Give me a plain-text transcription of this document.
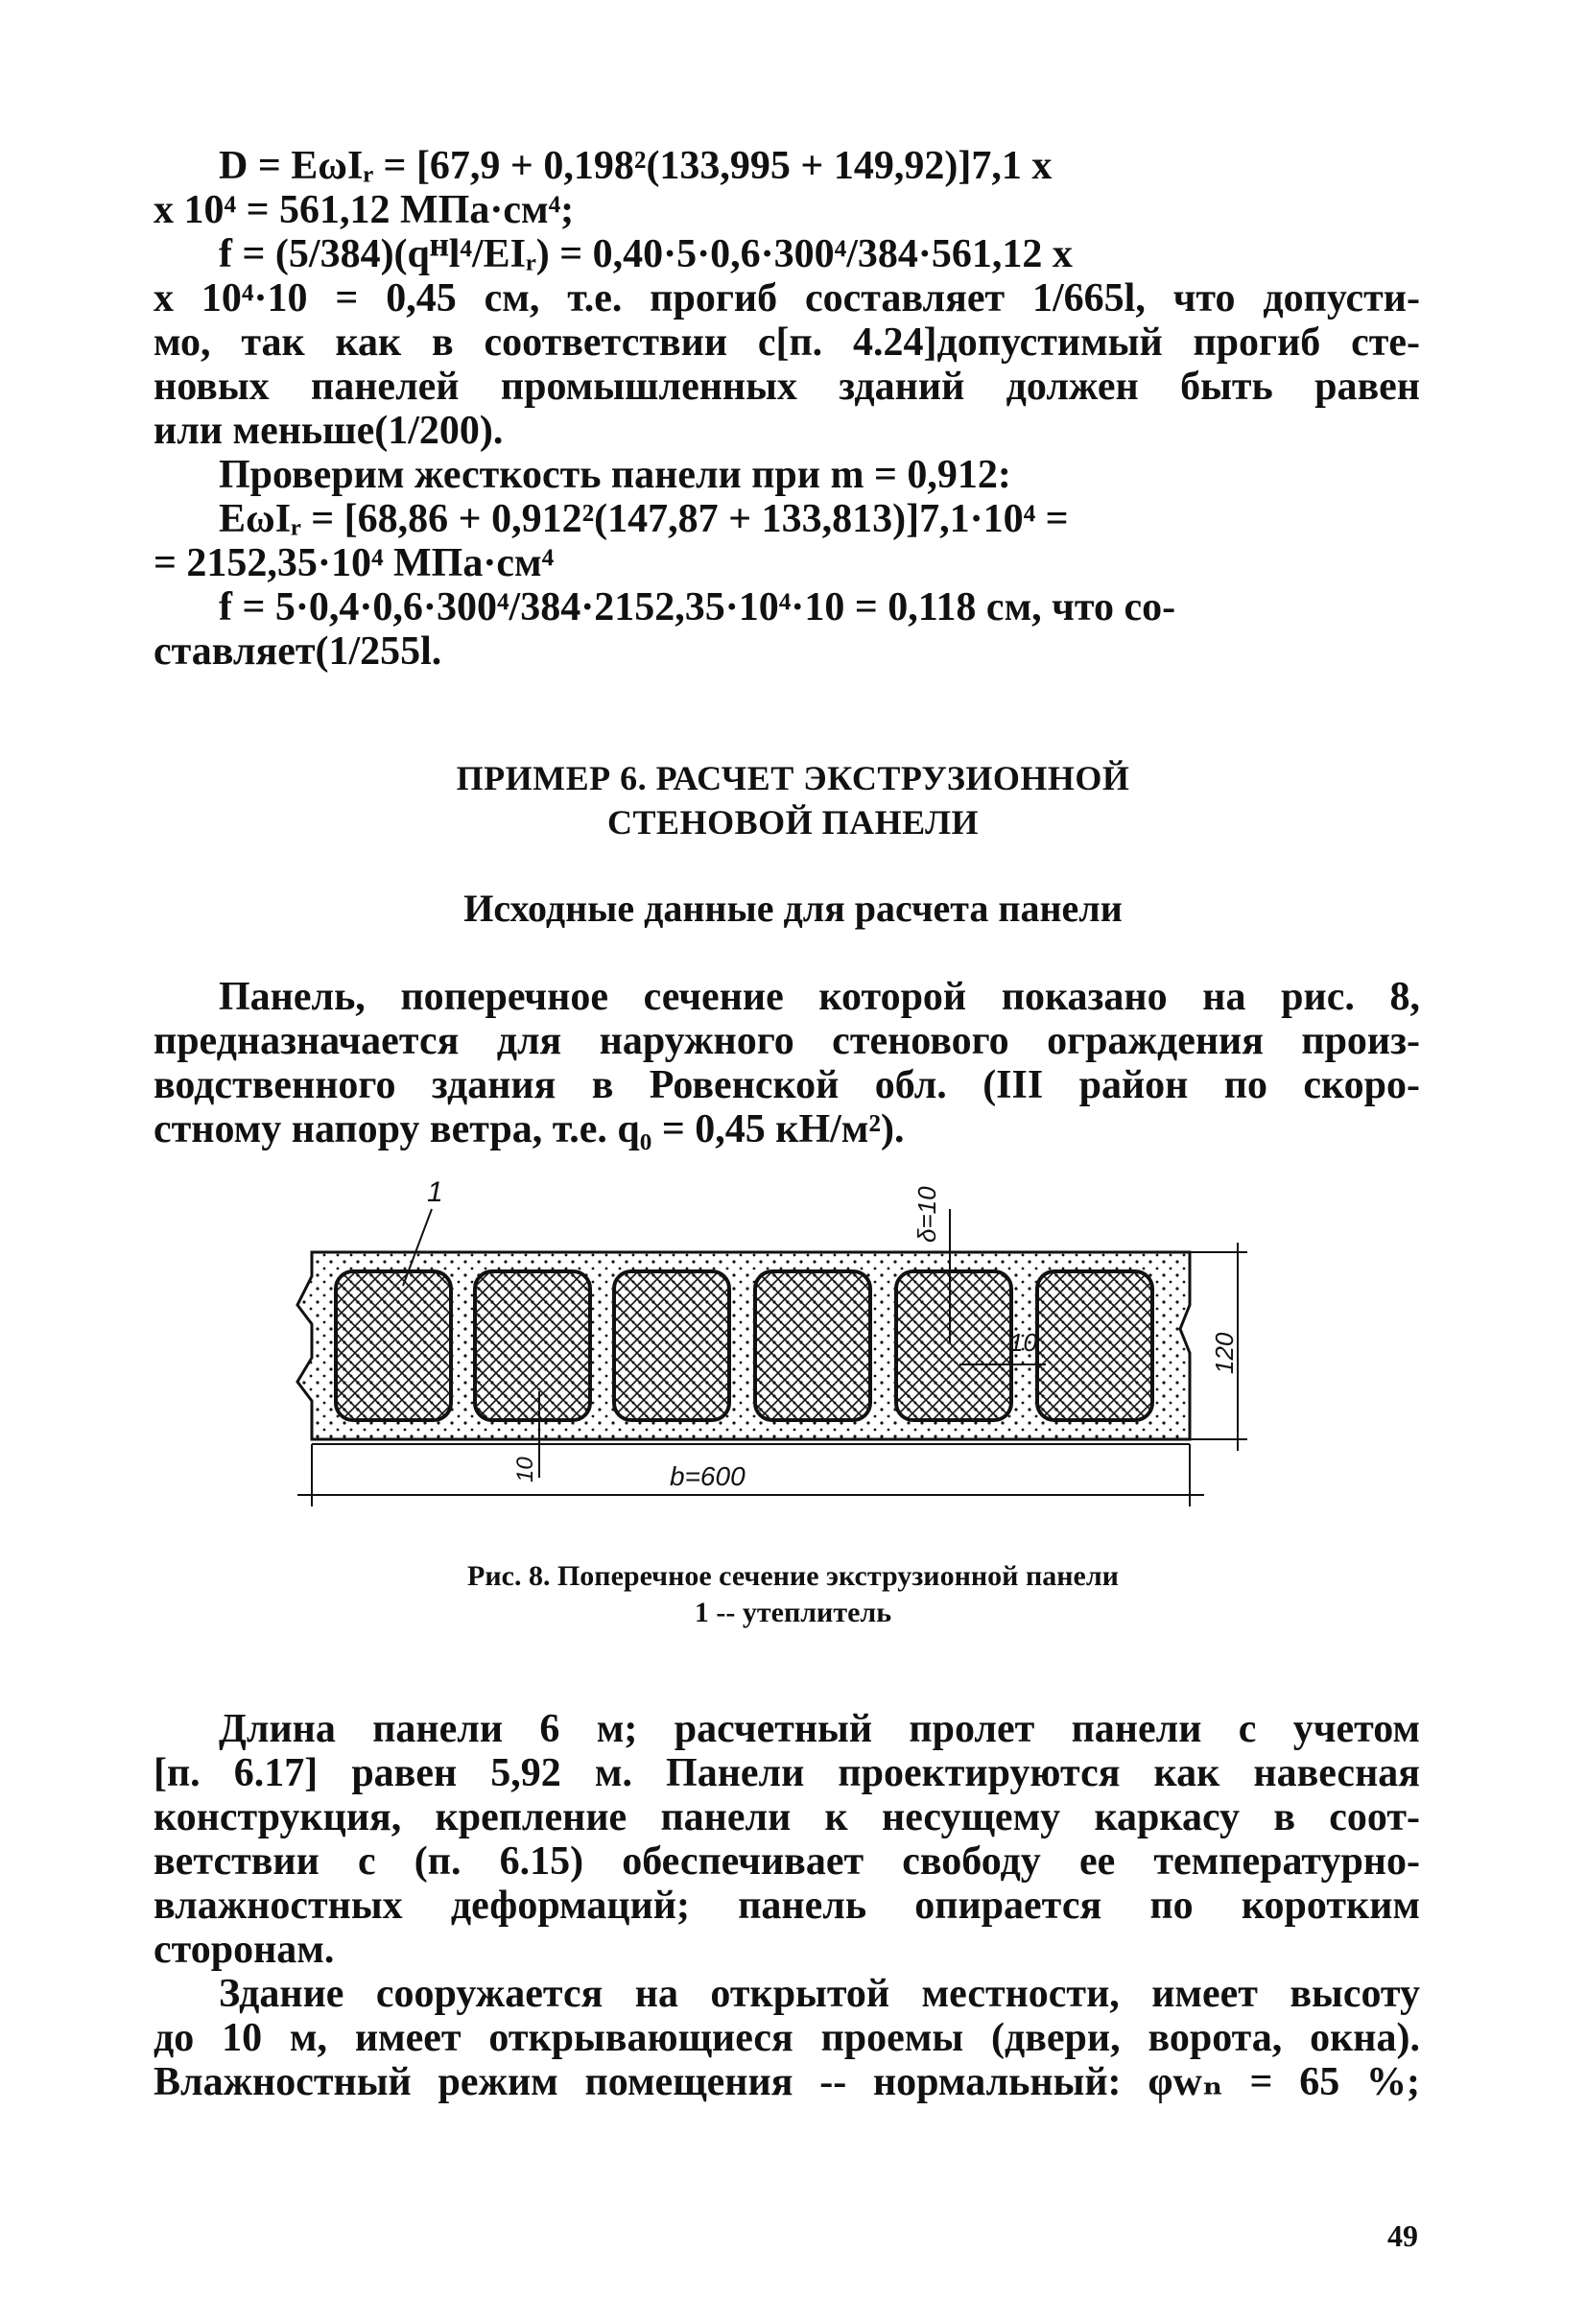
D = EωIᵣ = [67,9 + 0,198²(133,995 + 149,92)]7,1 x
x 10⁴ = 561,12 МПа·см⁴;
f = (5/384)(qᴴl⁴/EIᵣ) = 0,40·5·0,6·300⁴/384·561,12 x
x 10⁴·10 = 0,45 см, т.е. прогиб составляет 1/665l, что допусти-
мо, так как в соответствии с[п. 4.24]допустимый прогиб сте-
новых панелей промышленных зданий должен быть равен
или меньше(1/200).
Проверим жесткость панели при m = 0,912:
EωIᵣ = [68,86 + 0,912²(147,87 + 133,813)]7,1·10⁴ =
= 2152,35·10⁴ МПа·см⁴
f = 5·0,4·0,6·300⁴/384·2152,35·10⁴·10 = 0,118 см, что со-
ставляет(1/255l.
ПРИМЕР 6. РАСЧЕТ ЭКСТРУЗИОННОЙ
СТЕНОВОЙ ПАНЕЛИ
Исходные данные для расчета панели
Панель, поперечное сечение которой показано на рис. 8,
предназначается для наружного стенового ограждения произ-
водственного здания в Ровенской обл. (III район по скоро-
стному напору ветра, т.е. q₀ = 0,45 кН/м²).
1	δ=10
10
10	b=600
120
Рис. 8. Поперечное сечение экструзионной панели
1 -- утеплитель
Длина панели 6 м; расчетный пролет панели с учетом
[п. 6.17] равен 5,92 м. Панели проектируются как навесная
конструкция, крепление панели к несущему каркасу в соот-
ветствии с (п. 6.15) обеспечивает свободу ее температурно-
влажностных деформаций; панель опирается по коротким
сторонам.
Здание сооружается на открытой местности, имеет высоту
до 10 м, имеет открывающиеся проемы (двери, ворота, окна).
Влажностный режим помещения -- нормальный: φwₙ = 65 %;
49
